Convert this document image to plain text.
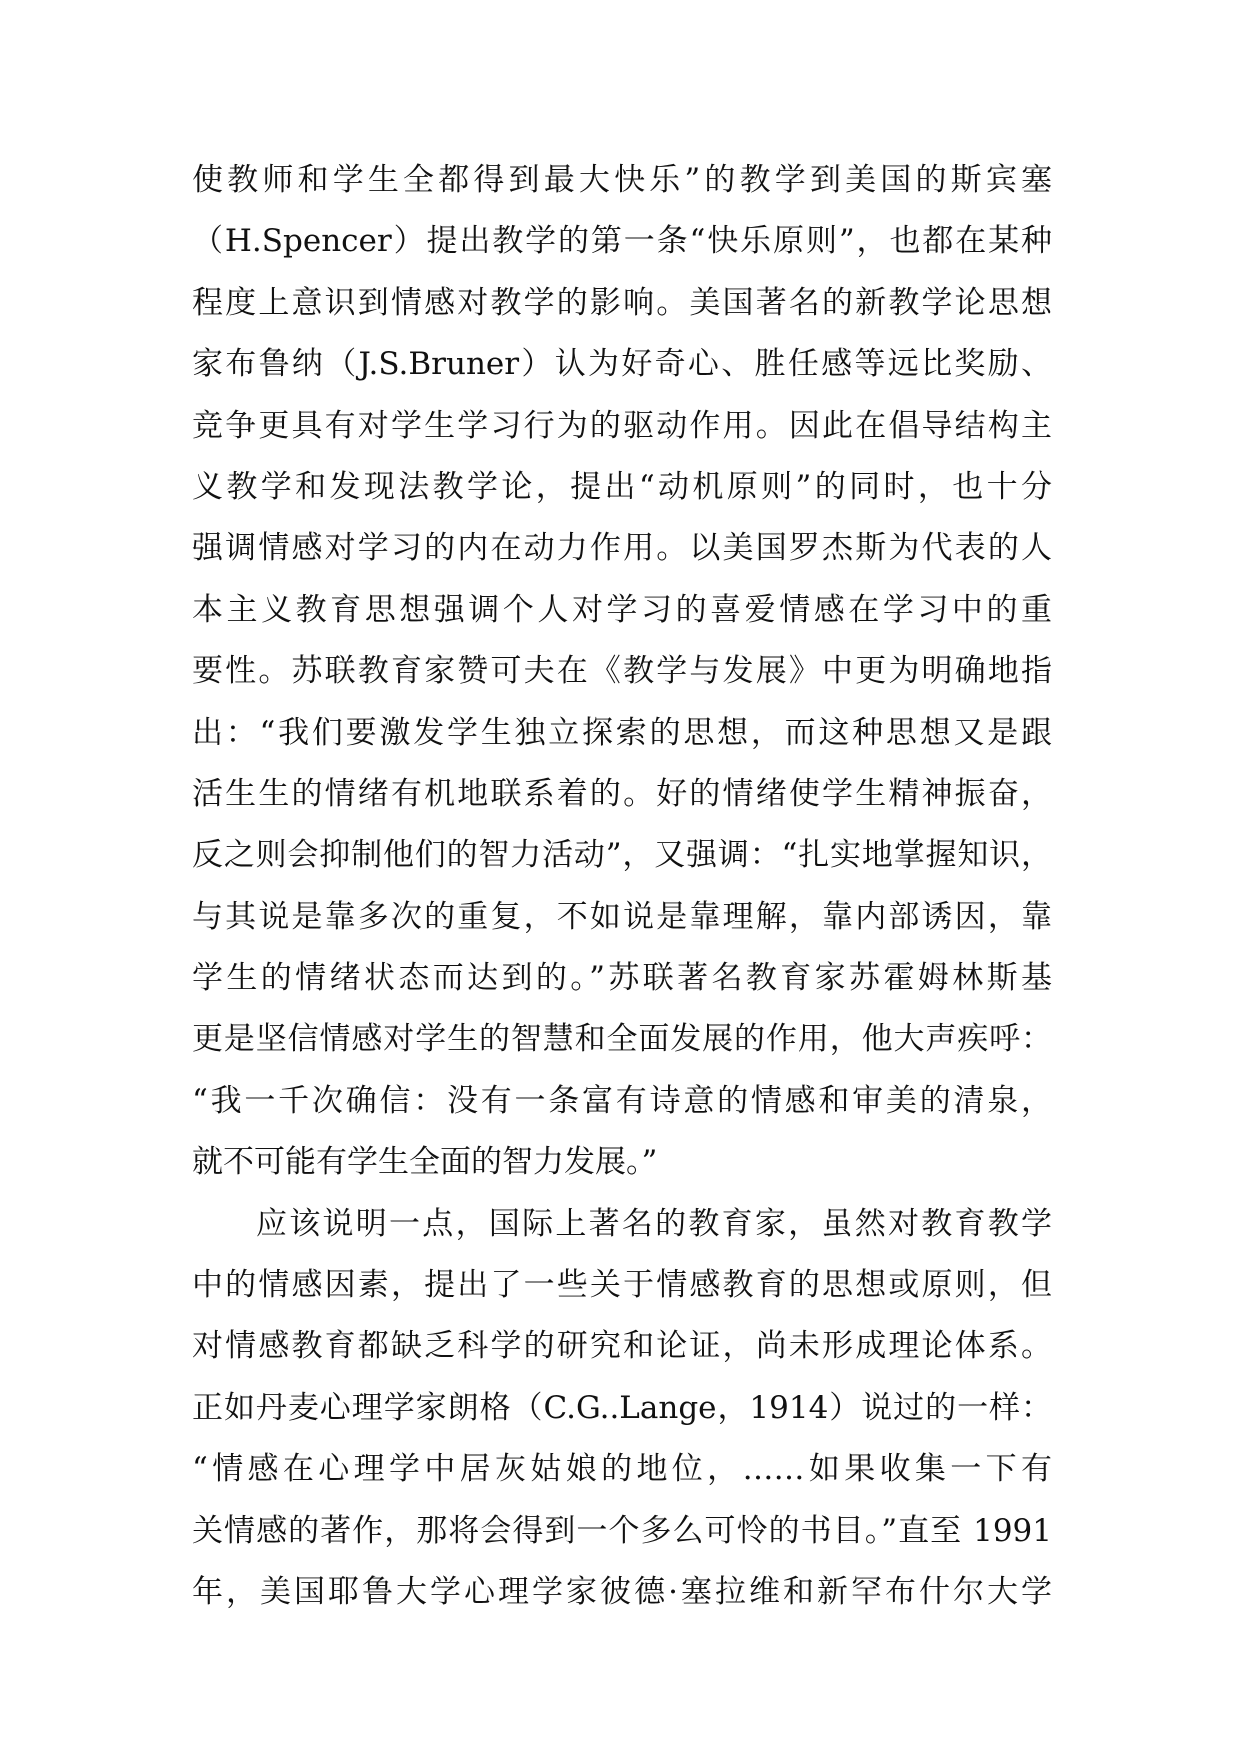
使教师和学生全都得到最大快乐”的教学到美国的斯宾塞
（H.Spencer）提出教学的第一条“快乐原则”，也都在某种
程度上意识到情感对教学的影响。美国著名的新教学论思想
家布鲁纳（J.S.Bruner）认为好奇心、胜任感等远比奖励、
竞争更具有对学生学习行为的驱动作用。因此在倡导结构主
义教学和发现法教学论，提出“动机原则”的同时，也十分
强调情感对学习的内在动力作用。以美国罗杰斯为代表的人
本主义教育思想强调个人对学习的喜爱情感在学习中的重
要性。苏联教育家赞可夫在《教学与发展》中更为明确地指
出：“我们要激发学生独立探索的思想，而这种思想又是跟
活生生的情绪有机地联系着的。好的情绪使学生精神振奋，
反之则会抑制他们的智力活动”，又强调：“扎实地掌握知识，
与其说是靠多次的重复，不如说是靠理解，靠内部诱因，靠
学生的情绪状态而达到的。”苏联著名教育家苏霍姆林斯基
更是坚信情感对学生的智慧和全面发展的作用，他大声疾呼：
“我一千次确信：没有一条富有诗意的情感和审美的清泉，
就不可能有学生全面的智力发展。”
应该说明一点，国际上著名的教育家，虽然对教育教学
中的情感因素，提出了一些关于情感教育的思想或原则，但
对情感教育都缺乏科学的研究和论证，尚未形成理论体系。
正如丹麦心理学家朗格（C.G..Lange，1914）说过的一样：
“情感在心理学中居灰姑娘的地位，……如果收集一下有
关情感的著作，那将会得到一个多么可怜的书目。”直至 1991
年，美国耶鲁大学心理学家彼德·塞拉维和新罕布什尔大学
